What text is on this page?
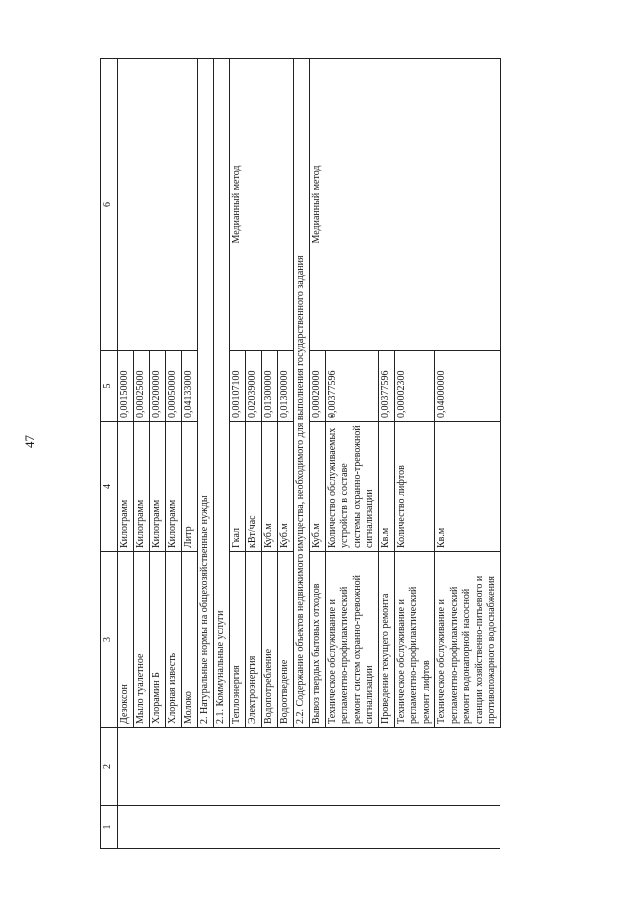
47
1	2	3	4	5	6
		Дезоксон	Килограмм	0,00150000	
		Мыло туалетное	Килограмм	0,00025000	
		Хлорамин Б	Килограмм	0,00200000	
		Хлорная известь	Килограмм	0,00050000	
		Молоко	Литр	0,04133000	
		2. Натуральные нормы на общехозяйственные нужды			
		2.1. Коммунальные услуги			
		Теплоэнергия	Гкал	0,00107100	Медианный метод
		Электроэнергия	кВт/час	0,02039000	
		Водопотребление	Куб.м	0,01300000	
		Водоотведение	Куб.м	0,01300000	
		2.2. Содержание объектов недвижимого имущества, необходимого для выполнения государственного задания			
		Вывоз твердых бытовых отходов	Куб.м	0,00020000	Медианный метод
		Техническое обслуживание и регламентно-профилактический ремонт систем охранно-тревожной сигнализации	Количество обслуживаемых устройств в составе системы охранно-тревожной сигнализации	0,00377596	
		Проведение текущего ремонта	Кв.м	0,00377596	
		Техническое обслуживание и регламентно-профилактический ремонт лифтов	Количество лифтов	0,00002300	
		Техническое обслуживание и регламентно-профилактический ремонт водонапорной насосной станции хозяйственно-питьевого и противопожарного водоснабжения	Кв.м	0,04000000	
